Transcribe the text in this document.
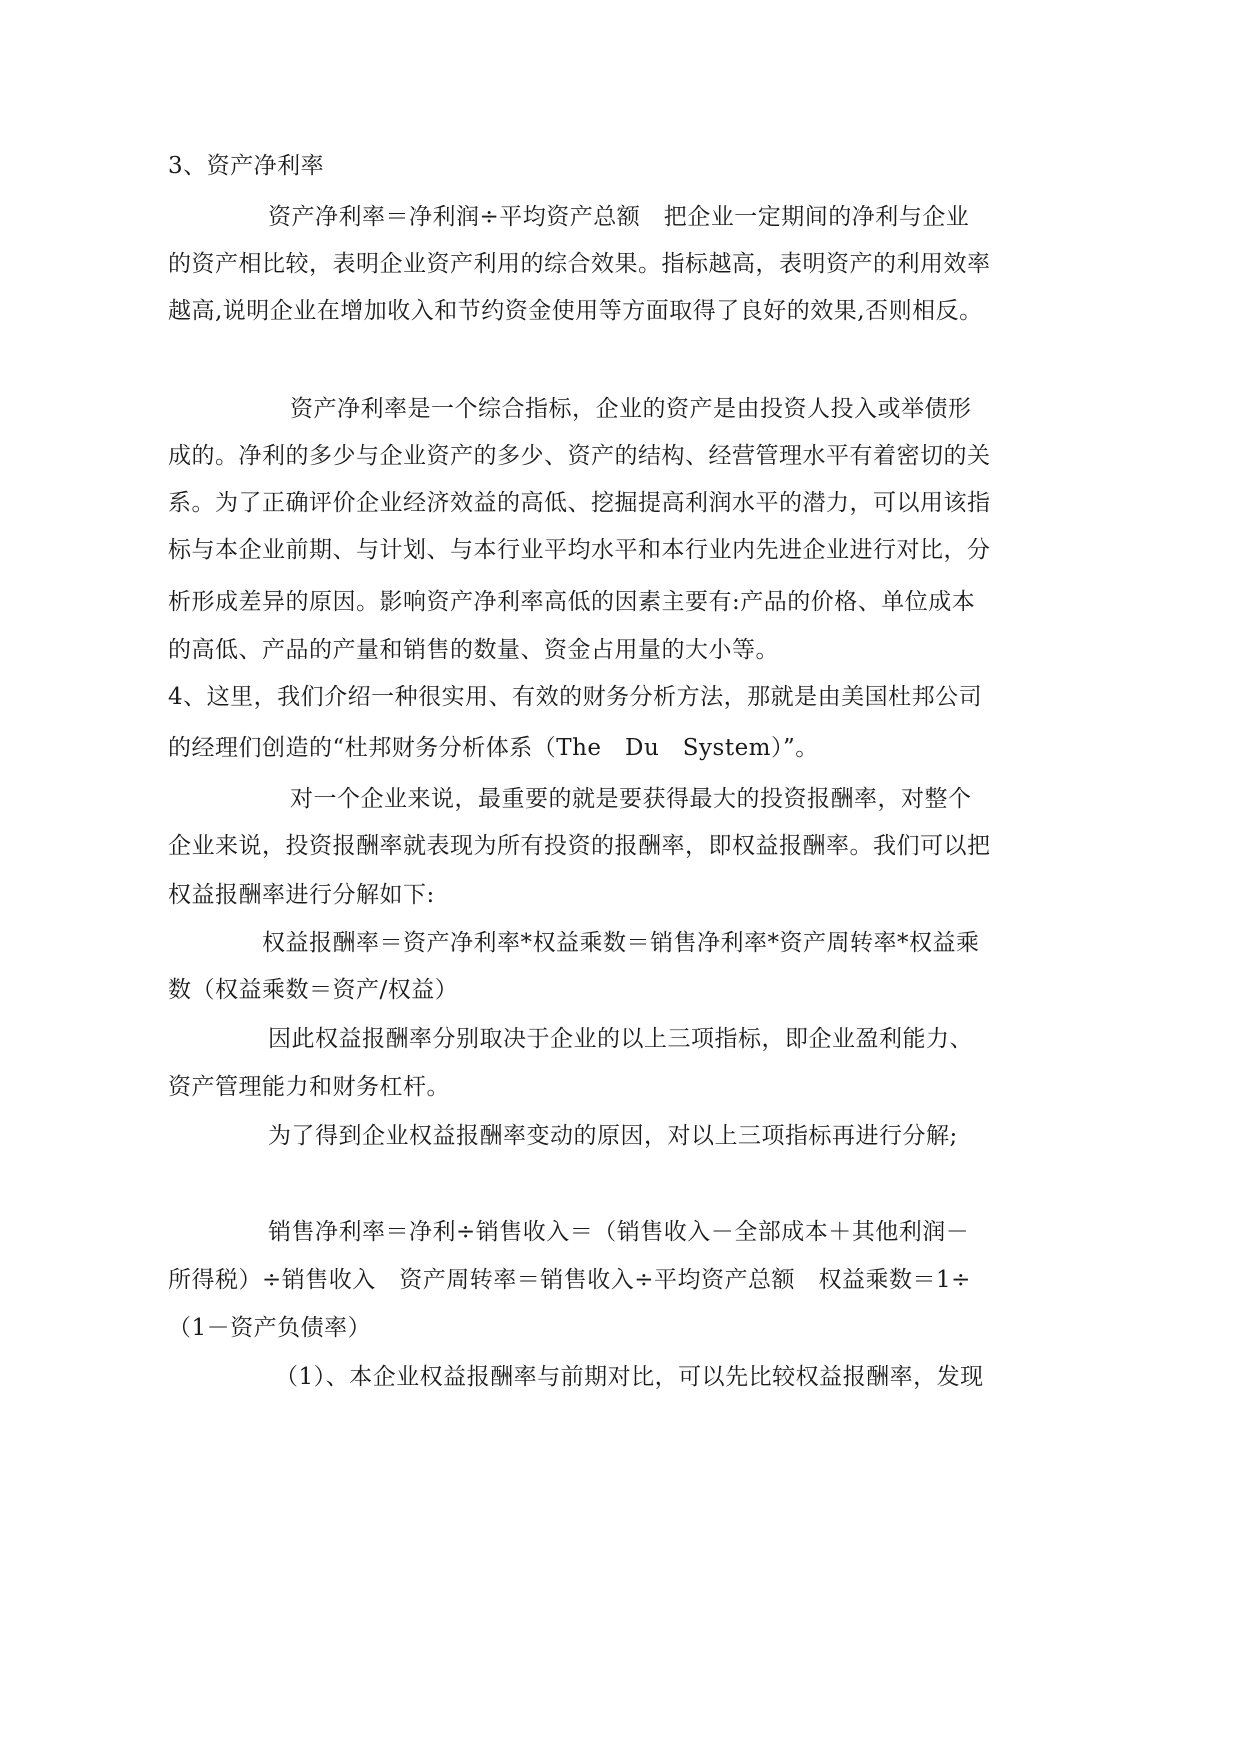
3、资产净利率

资产净利率＝净利润÷平均资产总额　把企业一定期间的净利与企业

的资产相比较，表明企业资产利用的综合效果。指标越高，表明资产的利用效率

越高,说明企业在增加收入和节约资金使用等方面取得了良好的效果,否则相反。

资产净利率是一个综合指标，企业的资产是由投资人投入或举债形

成的。净利的多少与企业资产的多少、资产的结构、经营管理水平有着密切的关

系。为了正确评价企业经济效益的高低、挖掘提高利润水平的潜力，可以用该指

标与本企业前期、与计划、与本行业平均水平和本行业内先进企业进行对比，分

析形成差异的原因。影响资产净利率高低的因素主要有:产品的价格、单位成本

的高低、产品的产量和销售的数量、资金占用量的大小等。

4、这里，我们介绍一种很实用、有效的财务分析方法，那就是由美国杜邦公司

的经理们创造的“杜邦财务分析体系（The　Du　System）”。

对一个企业来说，最重要的就是要获得最大的投资报酬率，对整个

企业来说，投资报酬率就表现为所有投资的报酬率，即权益报酬率。我们可以把

权益报酬率进行分解如下:

权益报酬率＝资产净利率*权益乘数＝销售净利率*资产周转率*权益乘

数（权益乘数＝资产/权益）

因此权益报酬率分别取决于企业的以上三项指标，即企业盈利能力、

资产管理能力和财务杠杆。

为了得到企业权益报酬率变动的原因，对以上三项指标再进行分解;

销售净利率＝净利÷销售收入＝（销售收入－全部成本＋其他利润－

所得税）÷销售收入　资产周转率＝销售收入÷平均资产总额　权益乘数＝1÷

（1－资产负债率）

（1）、本企业权益报酬率与前期对比，可以先比较权益报酬率，发现
